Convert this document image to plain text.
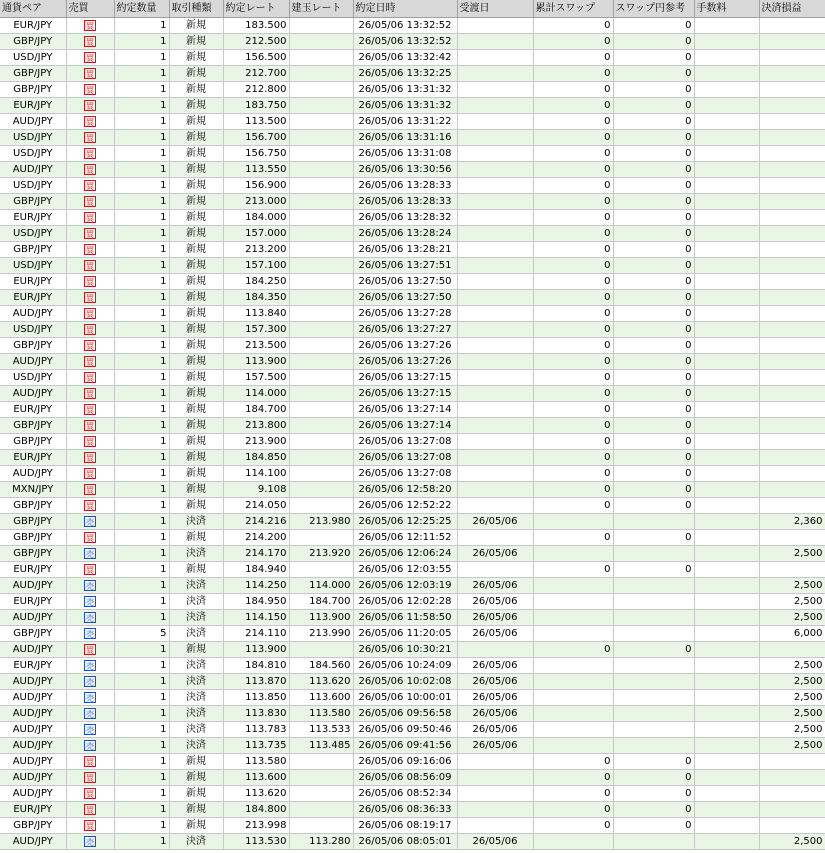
通貨ペア	売買	約定数量	取引種類	約定レート	建玉レート	約定日時	受渡日	累計スワップ	スワップ円参考	手数料	決済損益
EUR/JPY	買	1	新規	183.500		26/05/06 13:32:52		0	0		
GBP/JPY	買	1	新規	212.500		26/05/06 13:32:52		0	0		
USD/JPY	買	1	新規	156.500		26/05/06 13:32:42		0	0		
GBP/JPY	買	1	新規	212.700		26/05/06 13:32:25		0	0		
GBP/JPY	買	1	新規	212.800		26/05/06 13:31:32		0	0		
EUR/JPY	買	1	新規	183.750		26/05/06 13:31:32		0	0		
AUD/JPY	買	1	新規	113.500		26/05/06 13:31:22		0	0		
USD/JPY	買	1	新規	156.700		26/05/06 13:31:16		0	0		
USD/JPY	買	1	新規	156.750		26/05/06 13:31:08		0	0		
AUD/JPY	買	1	新規	113.550		26/05/06 13:30:56		0	0		
USD/JPY	買	1	新規	156.900		26/05/06 13:28:33		0	0		
GBP/JPY	買	1	新規	213.000		26/05/06 13:28:33		0	0		
EUR/JPY	買	1	新規	184.000		26/05/06 13:28:32		0	0		
USD/JPY	買	1	新規	157.000		26/05/06 13:28:24		0	0		
GBP/JPY	買	1	新規	213.200		26/05/06 13:28:21		0	0		
USD/JPY	買	1	新規	157.100		26/05/06 13:27:51		0	0		
EUR/JPY	買	1	新規	184.250		26/05/06 13:27:50		0	0		
EUR/JPY	買	1	新規	184.350		26/05/06 13:27:50		0	0		
AUD/JPY	買	1	新規	113.840		26/05/06 13:27:28		0	0		
USD/JPY	買	1	新規	157.300		26/05/06 13:27:27		0	0		
GBP/JPY	買	1	新規	213.500		26/05/06 13:27:26		0	0		
AUD/JPY	買	1	新規	113.900		26/05/06 13:27:26		0	0		
USD/JPY	買	1	新規	157.500		26/05/06 13:27:15		0	0		
AUD/JPY	買	1	新規	114.000		26/05/06 13:27:15		0	0		
EUR/JPY	買	1	新規	184.700		26/05/06 13:27:14		0	0		
GBP/JPY	買	1	新規	213.800		26/05/06 13:27:14		0	0		
GBP/JPY	買	1	新規	213.900		26/05/06 13:27:08		0	0		
EUR/JPY	買	1	新規	184.850		26/05/06 13:27:08		0	0		
AUD/JPY	買	1	新規	114.100		26/05/06 13:27:08		0	0		
MXN/JPY	買	1	新規	9.108		26/05/06 12:58:20		0	0		
GBP/JPY	買	1	新規	214.050		26/05/06 12:52:22		0	0		
GBP/JPY	売	1	決済	214.216	213.980	26/05/06 12:25:25	26/05/06				2,360
GBP/JPY	買	1	新規	214.200		26/05/06 12:11:52		0	0		
GBP/JPY	売	1	決済	214.170	213.920	26/05/06 12:06:24	26/05/06				2,500
EUR/JPY	買	1	新規	184.940		26/05/06 12:03:55		0	0		
AUD/JPY	売	1	決済	114.250	114.000	26/05/06 12:03:19	26/05/06				2,500
EUR/JPY	売	1	決済	184.950	184.700	26/05/06 12:02:28	26/05/06				2,500
AUD/JPY	売	1	決済	114.150	113.900	26/05/06 11:58:50	26/05/06				2,500
GBP/JPY	売	5	決済	214.110	213.990	26/05/06 11:20:05	26/05/06				6,000
AUD/JPY	買	1	新規	113.900		26/05/06 10:30:21		0	0		
EUR/JPY	売	1	決済	184.810	184.560	26/05/06 10:24:09	26/05/06				2,500
AUD/JPY	売	1	決済	113.870	113.620	26/05/06 10:02:08	26/05/06				2,500
AUD/JPY	売	1	決済	113.850	113.600	26/05/06 10:00:01	26/05/06				2,500
AUD/JPY	売	1	決済	113.830	113.580	26/05/06 09:56:58	26/05/06				2,500
AUD/JPY	売	1	決済	113.783	113.533	26/05/06 09:50:46	26/05/06				2,500
AUD/JPY	売	1	決済	113.735	113.485	26/05/06 09:41:56	26/05/06				2,500
AUD/JPY	買	1	新規	113.580		26/05/06 09:16:06		0	0		
AUD/JPY	買	1	新規	113.600		26/05/06 08:56:09		0	0		
AUD/JPY	買	1	新規	113.620		26/05/06 08:52:34		0	0		
EUR/JPY	買	1	新規	184.800		26/05/06 08:36:33		0	0		
GBP/JPY	買	1	新規	213.998		26/05/06 08:19:17		0	0		
AUD/JPY	売	1	決済	113.530	113.280	26/05/06 08:05:01	26/05/06				2,500
